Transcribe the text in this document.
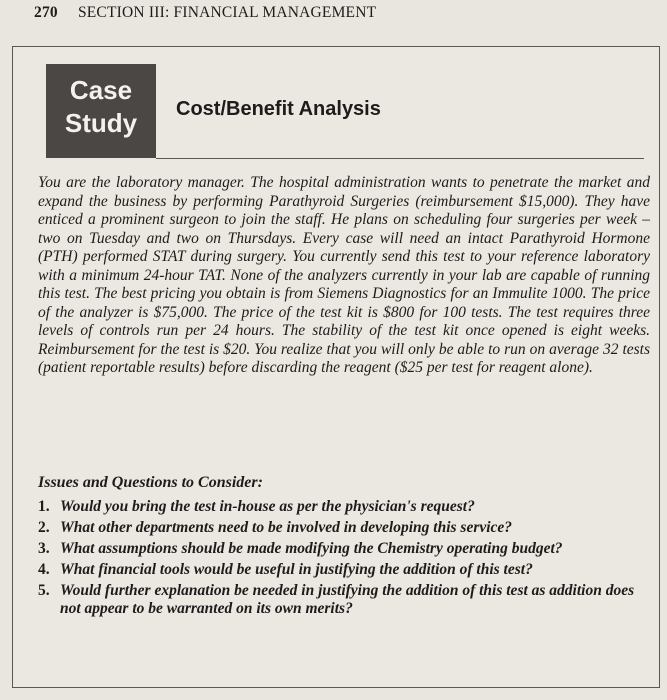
270 SECTION III: FINANCIAL MANAGEMENT
Case
Study	Cost/Benefit Analysis

You are the laboratory manager. The hospital administration wants to penetrate the market and expand the business by performing Parathyroid Surgeries (reimbursement $15,000). They have enticed a prominent surgeon to join the staff. He plans on scheduling four surgeries per week – two on Tuesday and two on Thursdays. Every case will need an intact Parathyroid Hormone (PTH) performed STAT during surgery. You currently send this test to your reference laboratory with a minimum 24-hour TAT. None of the analyzers currently in your lab are capable of running this test. The best pricing you obtain is from Siemens Diagnostics for an Immulite 1000. The price of the analyzer is $75,000. The price of the test kit is $800 for 100 tests. The test requires three levels of controls run per 24 hours. The stability of the test kit once opened is eight weeks. Reimbursement for the test is $20. You realize that you will only be able to run on average 32 tests (patient reportable results) before discarding the reagent ($25 per test for reagent alone).

Issues and Questions to Consider:
1. Would you bring the test in-house as per the physician's request?
2. What other departments need to be involved in developing this service?
3. What assumptions should be made modifying the Chemistry operating budget?
4. What financial tools would be useful in justifying the addition of this test?
5. Would further explanation be needed in justifying the addition of this test as addition does not appear to be warranted on its own merits?
